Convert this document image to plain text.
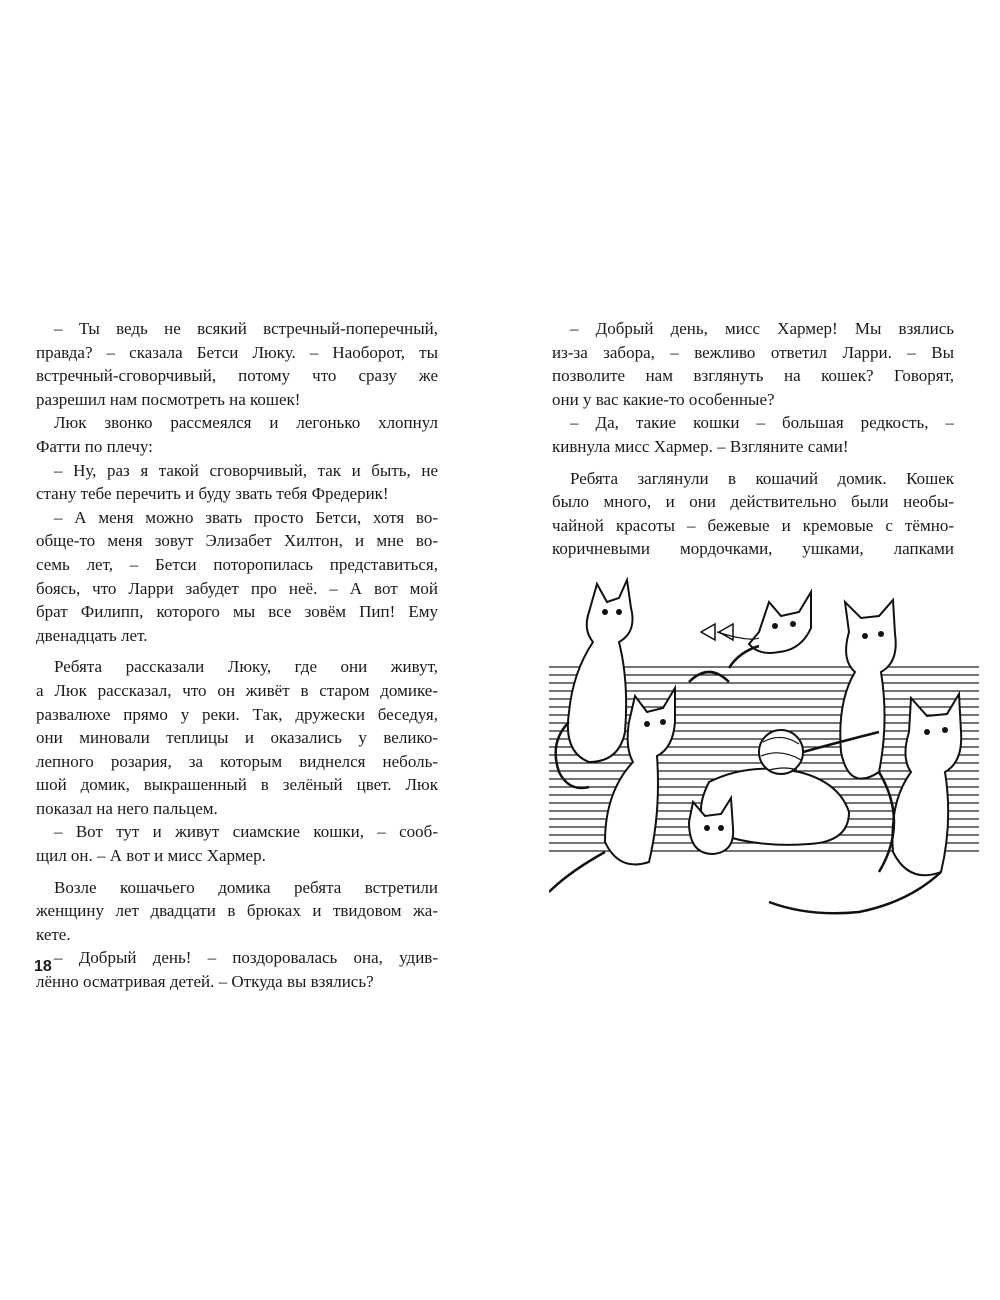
– Ты ведь не всякий встречный-поперечный,
правда? – сказала Бетси Люку. – Наоборот, ты
встречный-сговорчивый, потому что сразу же
разрешил нам посмотреть на кошек!
Люк звонко рассмеялся и легонько хлопнул
Фатти по плечу:
– Ну, раз я такой сговорчивый, так и быть, не
стану тебе перечить и буду звать тебя Фредерик!
– А меня можно звать просто Бетси, хотя во-
обще-то меня зовут Элизабет Хилтон, и мне во-
семь лет, – Бетси поторопилась представиться,
боясь, что Ларри забудет про неё. – А вот мой
брат Филипп, которого мы все зовём Пип! Ему
двенадцать лет.
Ребята рассказали Люку, где они живут,
а Люк рассказал, что он живёт в старом домике-
развалюхе прямо у реки. Так, дружески беседуя,
они миновали теплицы и оказались у велико-
лепного розария, за которым виднелся неболь-
шой домик, выкрашенный в зелёный цвет. Люк
показал на него пальцем.
– Вот тут и живут сиамские кошки, – сооб-
щил он. – А вот и мисс Хармер.
Возле кошачьего домика ребята встретили
женщину лет двадцати в брюках и твидовом жа-
кете.
– Добрый день! – поздоровалась она, удив-
лённо осматривая детей. – Откуда вы взялись?
18
– Добрый день, мисс Хармер! Мы взялись
из-за забора, – вежливо ответил Ларри. – Вы
позволите нам взглянуть на кошек? Говорят,
они у вас какие-то особенные?
– Да, такие кошки – большая редкость, –
кивнула мисс Хармер. – Взгляните сами!
Ребята заглянули в кошачий домик. Кошек
было много, и они действительно были необы-
чайной красоты – бежевые и кремовые с тёмно-
коричневыми мордочками, ушками, лапками
